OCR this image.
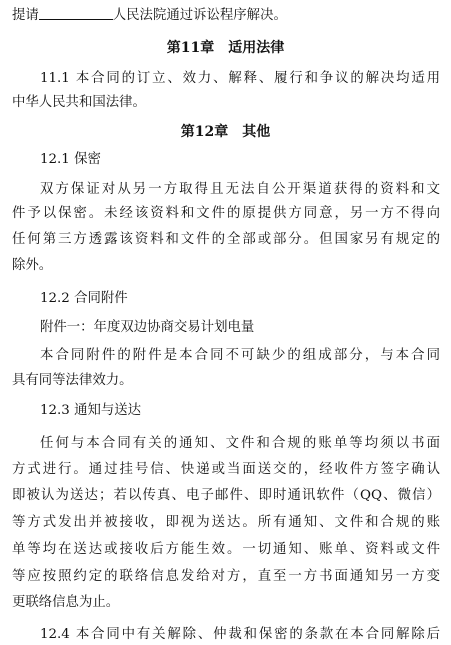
提请	人民法院通过诉讼程序解决。
第11章 适用法律
11.1 本合同的订立、效力、解释、履行和争议的解决均适用
中华人民共和国法律。
第12章 其他
12.1 保密
双方保证对从另一方取得且无法自公开渠道获得的资料和文
件予以保密。未经该资料和文件的原提供方同意，另一方不得向
任何第三方透露该资料和文件的全部或部分。但国家另有规定的
除外。
12.2 合同附件
附件一：年度双边协商交易计划电量
本合同附件的附件是本合同不可缺少的组成部分，与本合同
具有同等法律效力。
12.3 通知与送达
任何与本合同有关的通知、文件和合规的账单等均须以书面
方式进行。通过挂号信、快递或当面送交的，经收件方签字确认
即被认为送达；若以传真、电子邮件、即时通讯软件（QQ、微信）
等方式发出并被接收，即视为送达。所有通知、文件和合规的账
单等均在送达或接收后方能生效。一切通知、账单、资料或文件
等应按照约定的联络信息发给对方，直至一方书面通知另一方变
更联络信息为止。
12.4 本合同中有关解除、仲裁和保密的条款在本合同解除后
